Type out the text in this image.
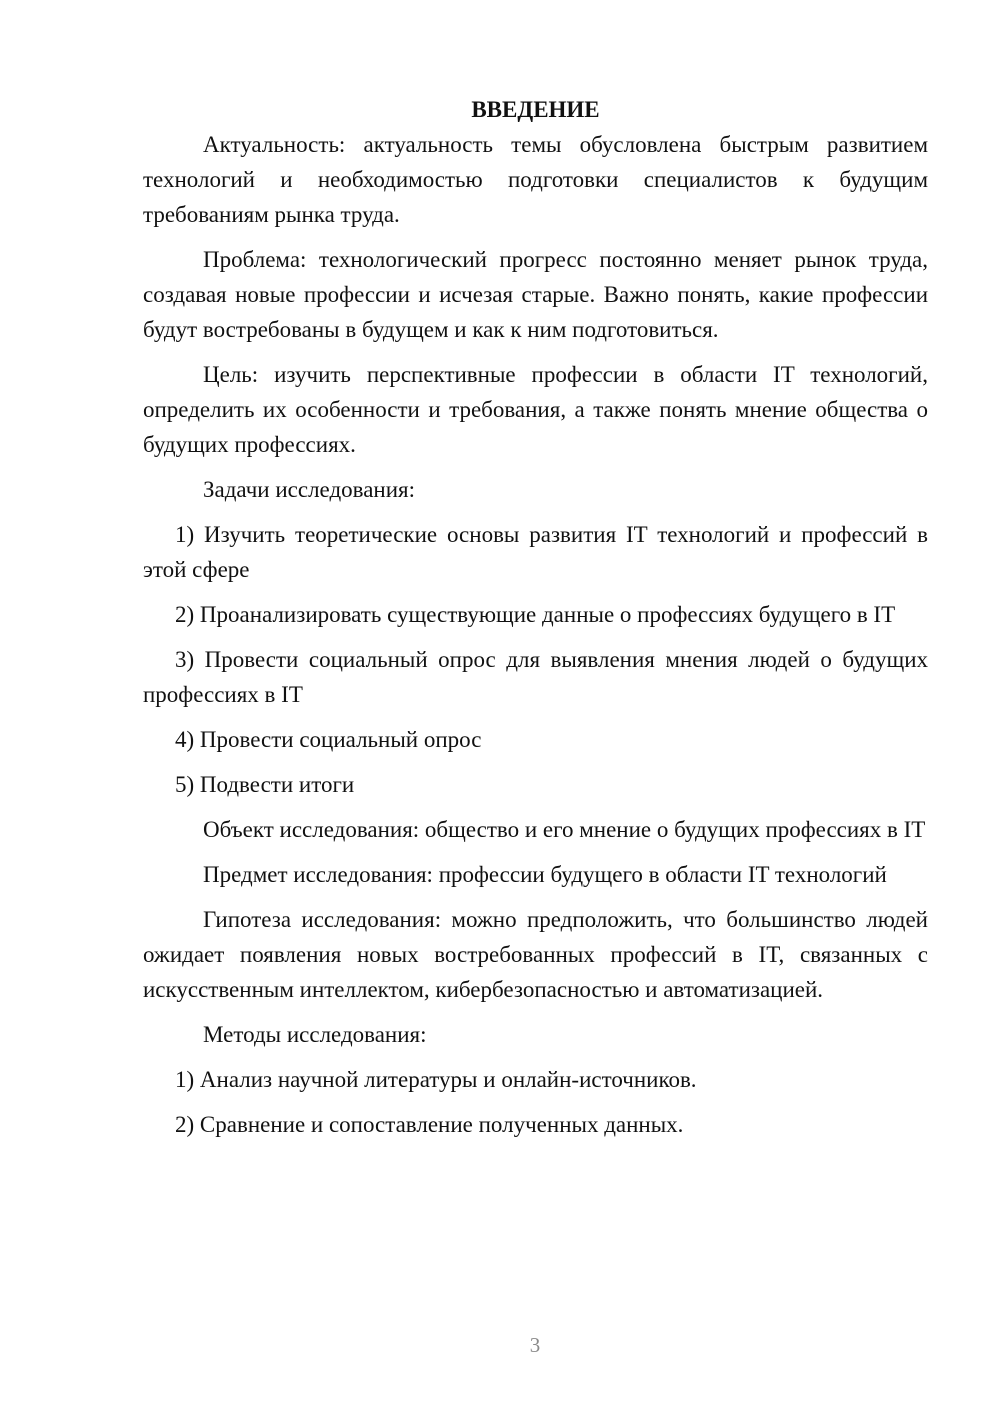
ВВЕДЕНИЕ

Актуальность: актуальность темы обусловлена быстрым развитием технологий и необходимостью подготовки специалистов к будущим требованиям рынка труда.

Проблема: технологический прогресс постоянно меняет рынок труда, создавая новые профессии и исчезая старые. Важно понять, какие профессии будут востребованы в будущем и как к ним подготовиться.

Цель: изучить перспективные профессии в области IT технологий, определить их особенности и требования, а также понять мнение общества о будущих профессиях.

Задачи исследования:

1) Изучить теоретические основы развития IT технологий и профессий в этой сфере

2) Проанализировать существующие данные о профессиях будущего в IT

3) Провести социальный опрос для выявления мнения людей о будущих профессиях в IT

4) Провести социальный опрос

5) Подвести итоги

Объект исследования: общество и его мнение о будущих профессиях в IT

Предмет исследования: профессии будущего в области IT технологий

Гипотеза исследования: можно предположить, что большинство людей ожидает появления новых востребованных профессий в IT, связанных с искусственным интеллектом, кибербезопасностью и автоматизацией.

Методы исследования:

1) Анализ научной литературы и онлайн-источников.

2) Сравнение и сопоставление полученных данных.

3
